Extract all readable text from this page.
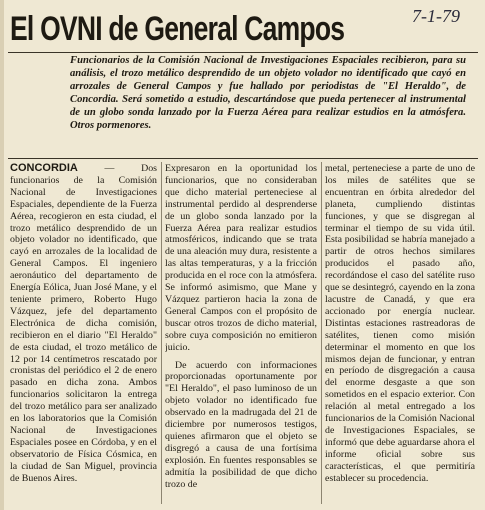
El OVNI de General Campos	7-1-79
Funcionarios de la Comisión Nacional de Investigaciones Espaciales recibieron, para su análisis, el trozo metálico desprendido de un objeto volador no identificado que cayó en arrozales de General Campos y fue hallado por periodistas de "El Heraldo", de Concordia. Será sometido a estudio, descartándose que pueda pertenecer al instrumental de un globo sonda lanzado por la Fuerza Aérea para realizar estudios en la atmósfera. Otros pormenores.

CONCORDIA	— Dos funcionarios de la Comisión Nacional de Investigaciones Espaciales, dependiente de la Fuerza Aérea, recogieron en esta ciudad, el trozo metálico desprendido de un objeto volador no identificado, que cayó en arrozales de la localidad de General Campos. El ingeniero aeronáutico del departamento de Energía Eólica, Juan José Mane, y el teniente primero, Roberto Hugo Vázquez, jefe del departamento Electrónica de dicha comisión, recibieron en el diario "El Heraldo" de esta ciudad, el trozo metálico de 12 por 14 centímetros rescatado por cronistas del periódico el 2 de enero pasado en dicha zona. Ambos funcionarios solicitaron la entrega del trozo metálico para ser analizado en los laboratorios que la Comisión Nacional de Investigaciones Espaciales posee en Córdoba, y en el observatorio de Física Cósmica, en la ciudad de San Miguel, provincia de Buenos Aires.

Expresaron en la oportunidad los funcionarios, que no consideraban que dicho material perteneciese al instrumental perdido al desprenderse de un globo sonda lanzado por la Fuerza Aérea para realizar estudios atmosféricos, indicando que se trata de una aleación muy dura, resistente a las altas temperaturas, y a la fricción producida en el roce con la atmósfera. Se informó asimismo, que Mane y Vázquez partieron hacia la zona de General Campos con el propósito de buscar otros trozos de dicho material, sobre cuya composición no emitieron juicio.

De acuerdo con informaciones proporcionadas oportunamente por "El Heraldo", el paso luminoso de un objeto volador no identificado fue observado en la madrugada del 21 de diciembre por numerosos testigos, quienes afirmaron que el objeto se disgregó a causa de una fortísima explosión. En fuentes responsables se admitía la posibilidad de que dicho trozo de

metal, perteneciese a parte de uno de los miles de satélites que se encuentran en órbita alrededor del planeta, cumpliendo distintas funciones, y que se disgregan al terminar el tiempo de su vida útil. Esta posibilidad se habría manejado a partir de otros hechos similares producidos el pasado año, recordándose el caso del satélite ruso que se desintegró, cayendo en la zona lacustre de Canadá, y que era accionado por energía nuclear. Distintas estaciones rastreadoras de satélites, tienen como misión determinar el momento en que los mismos dejan de funcionar, y entran en período de disgregación a causa del enorme desgaste a que son sometidos en el espacio exterior. Con relación al metal entregado a los funcionarios de la Comisión Nacional de Investigaciones Espaciales, se informó que debe aguardarse ahora el informe oficial sobre sus características, el que permitiría establecer su procedencia.
